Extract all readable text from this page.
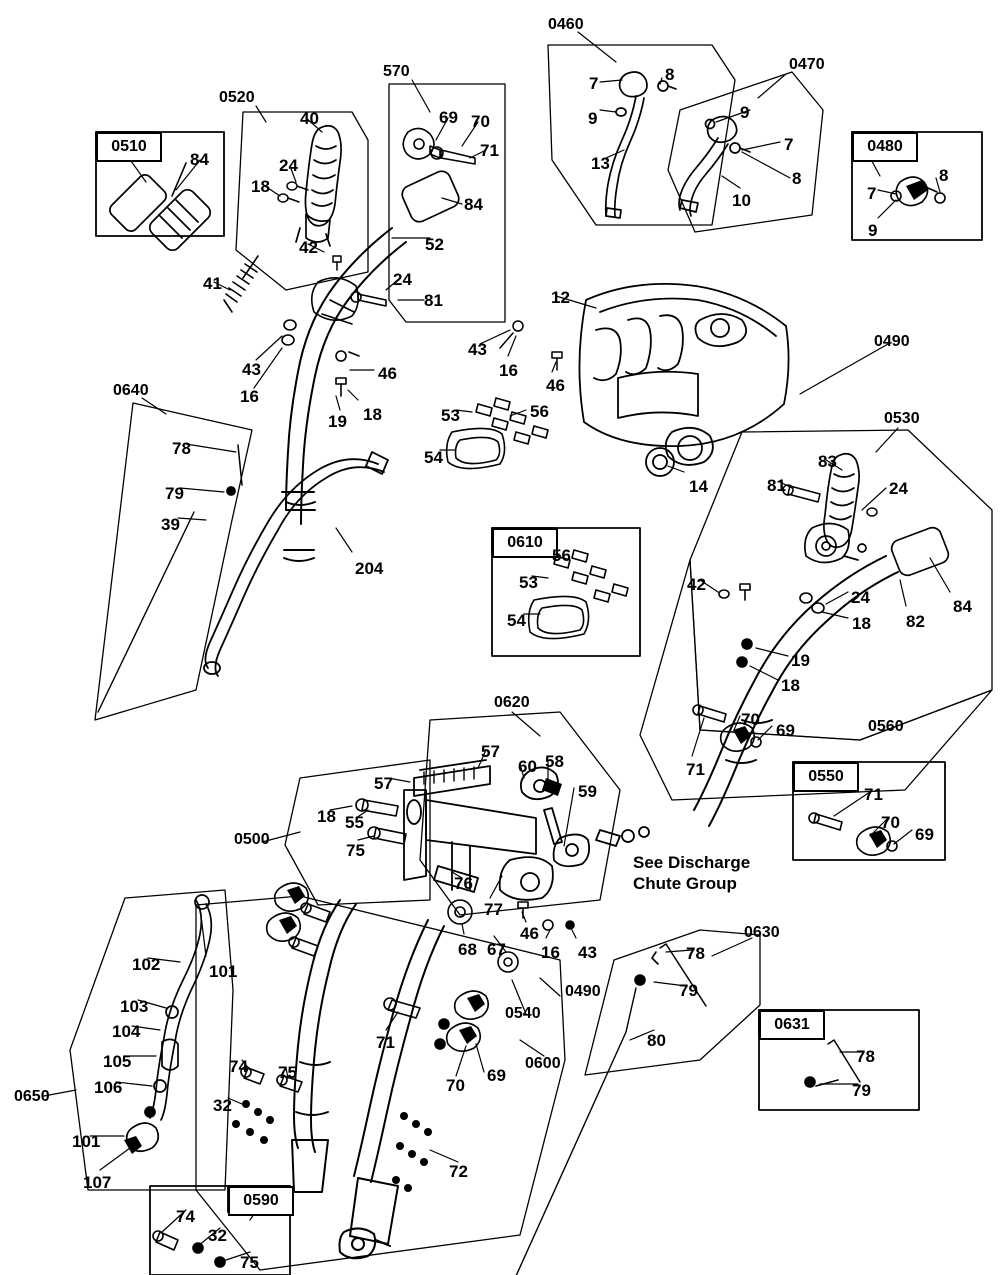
0510	0480
0610
0550
0631
0590
0460
0470
0520
570
0490
0530
0640
0560
0620
0500
0630
0490
0540
0600
0650
7	8
9	9
7
13
10
8
7
8
9
40	69 70
71
84	24
18
84
52
42
24
81
41
12
43
16
46
43
16
46
19 18	53	56
54
14
83
24
81
78
79
39
204
56
53
54
42
24
18 82
84
19
18
70
69
71
57
60 58
57	59
18 55
75
76
77
71
70
69
68 67
46
16 43	78
79
80
102	101
103
104
105
106
101
107
78
79
71
74 75
32
70
69
72
74
32
75
See Discharge
Chute Group
